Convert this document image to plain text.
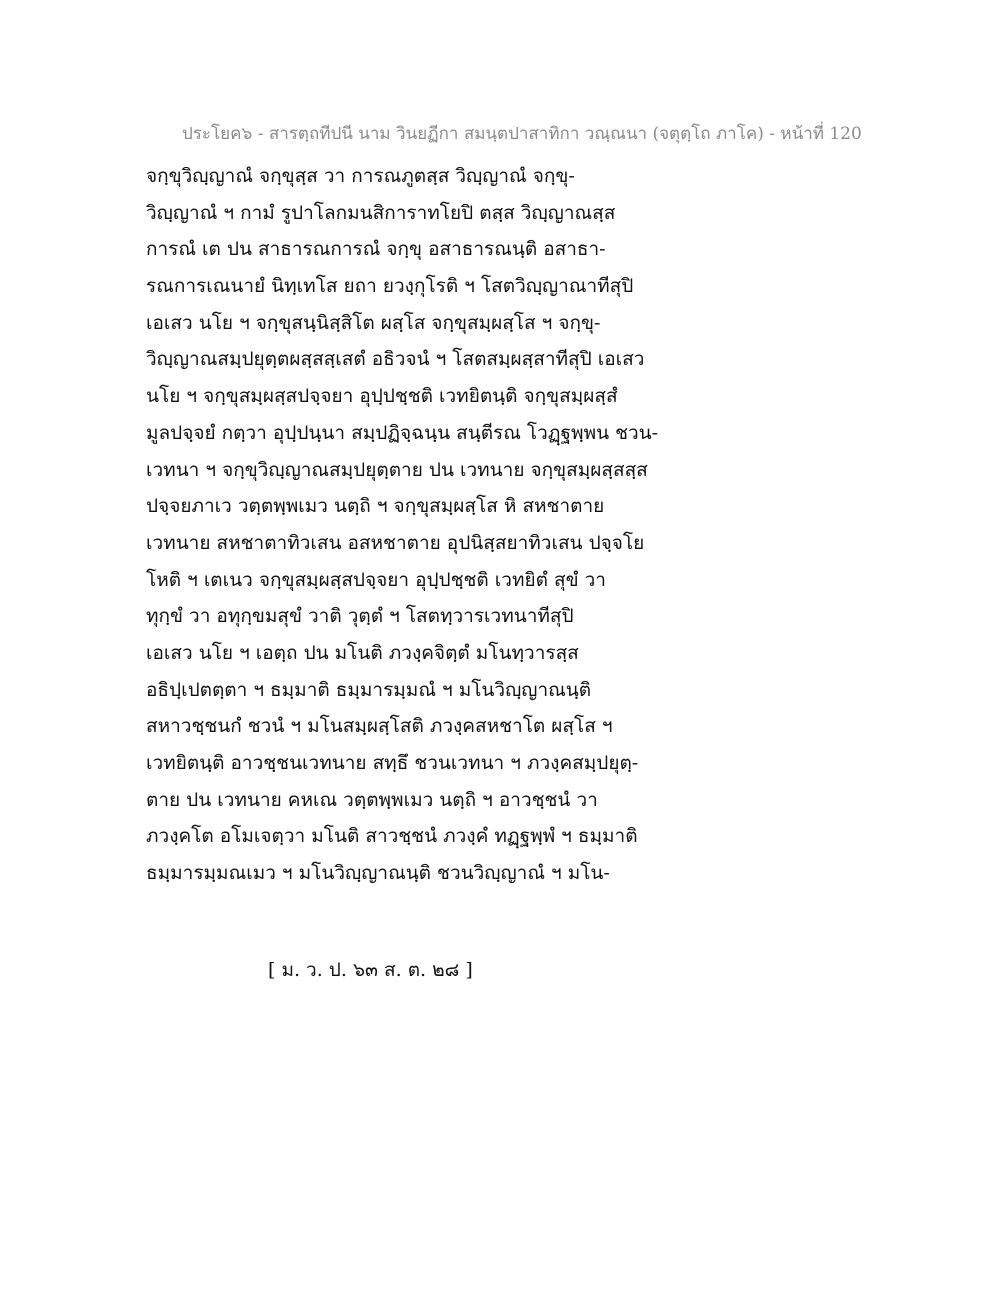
ประโยค๖ - สารตฺถทีปนี นาม วินยฏีกา สมนฺตปาสาทิกา วณฺณนา (จตุตฺโถ ภาโค) - หน้าที่ 120
จกฺขุวิญฺญาณํ จกฺขุสฺส วา การณภูตสฺส วิญฺญาณํ จกฺขุ-
วิญฺญาณํ ฯ กามํ รูปาโลกมนสิการาทโยปิ ตสฺส วิญฺญาณสฺส
การณํ เต ปน สาธารณการณํ จกฺขุ อสาธารณนฺติ อสาธา-
รณการเณนายํ นิทฺเทโส ยถา ยวงฺกุโรติ ฯ โสตวิญฺญาณาทีสุปิ
เอเสว นโย ฯ จกฺขุสนฺนิสฺสิโต ผสฺโส จกฺขุสมฺผสฺโส ฯ จกฺขุ-
วิญฺญาณสมฺปยุตฺตผสฺสสฺเสตํ อธิวจนํ ฯ โสตสมฺผสฺสาทีสุปิ เอเสว
นโย ฯ จกฺขุสมฺผสฺสปจฺจยา อุปฺปชฺชติ เวทยิตนฺติ จกฺขุสมฺผสฺสํ
มูลปจฺจยํ กตฺวา อุปฺปนฺนา สมฺปฏิจฺฉนฺน สนฺตีรณ โวฏฺฐพฺพน ชวน-
เวทนา ฯ จกฺขุวิญฺญาณสมฺปยุตฺตาย ปน เวทนาย จกฺขุสมฺผสฺสสฺส
ปจฺจยภาเว วตฺตพฺพเมว นตฺถิ ฯ จกฺขุสมฺผสฺโส หิ สหชาตาย
เวทนาย สหชาตาทิวเสน อสหชาตาย อุปนิสฺสยาทิวเสน ปจฺจโย
โหติ ฯ เตเนว จกฺขุสมฺผสฺสปจฺจยา อุปฺปชฺชติ เวทยิตํ สุขํ วา
ทุกฺขํ วา อทุกฺขมสุขํ วาติ วุตฺตํ ฯ โสตทฺวารเวทนาทีสุปิ
เอเสว นโย ฯ เอตฺถ ปน มโนติ ภวงฺคจิตฺตํ มโนทฺวารสฺส
อธิปฺเปตตฺตา ฯ ธมฺมาติ ธมฺมารมฺมณํ ฯ มโนวิญฺญาณนฺติ
สหาวชฺชนกํ ชวนํ ฯ มโนสมฺผสฺโสติ ภวงฺคสหชาโต ผสฺโส ฯ
เวทยิตนฺติ อาวชฺชนเวทนาย สทฺธึ ชวนเวทนา ฯ ภวงฺคสมฺปยุตฺ-
ตาย ปน เวทนาย คหเณ วตฺตพฺพเมว นตฺถิ ฯ อาวชฺชนํ วา
ภวงฺคโต อโมเจตฺวา มโนติ สาวชฺชนํ ภวงฺคํ ทฏฺฐพฺพํ ฯ ธมฺมาติ
ธมฺมารมฺมณเมว ฯ มโนวิญฺญาณนฺติ ชวนวิญฺญาณํ ฯ มโน-
[ ม. ว. ป. ๖๓ ส. ต. ๒๘ ]
